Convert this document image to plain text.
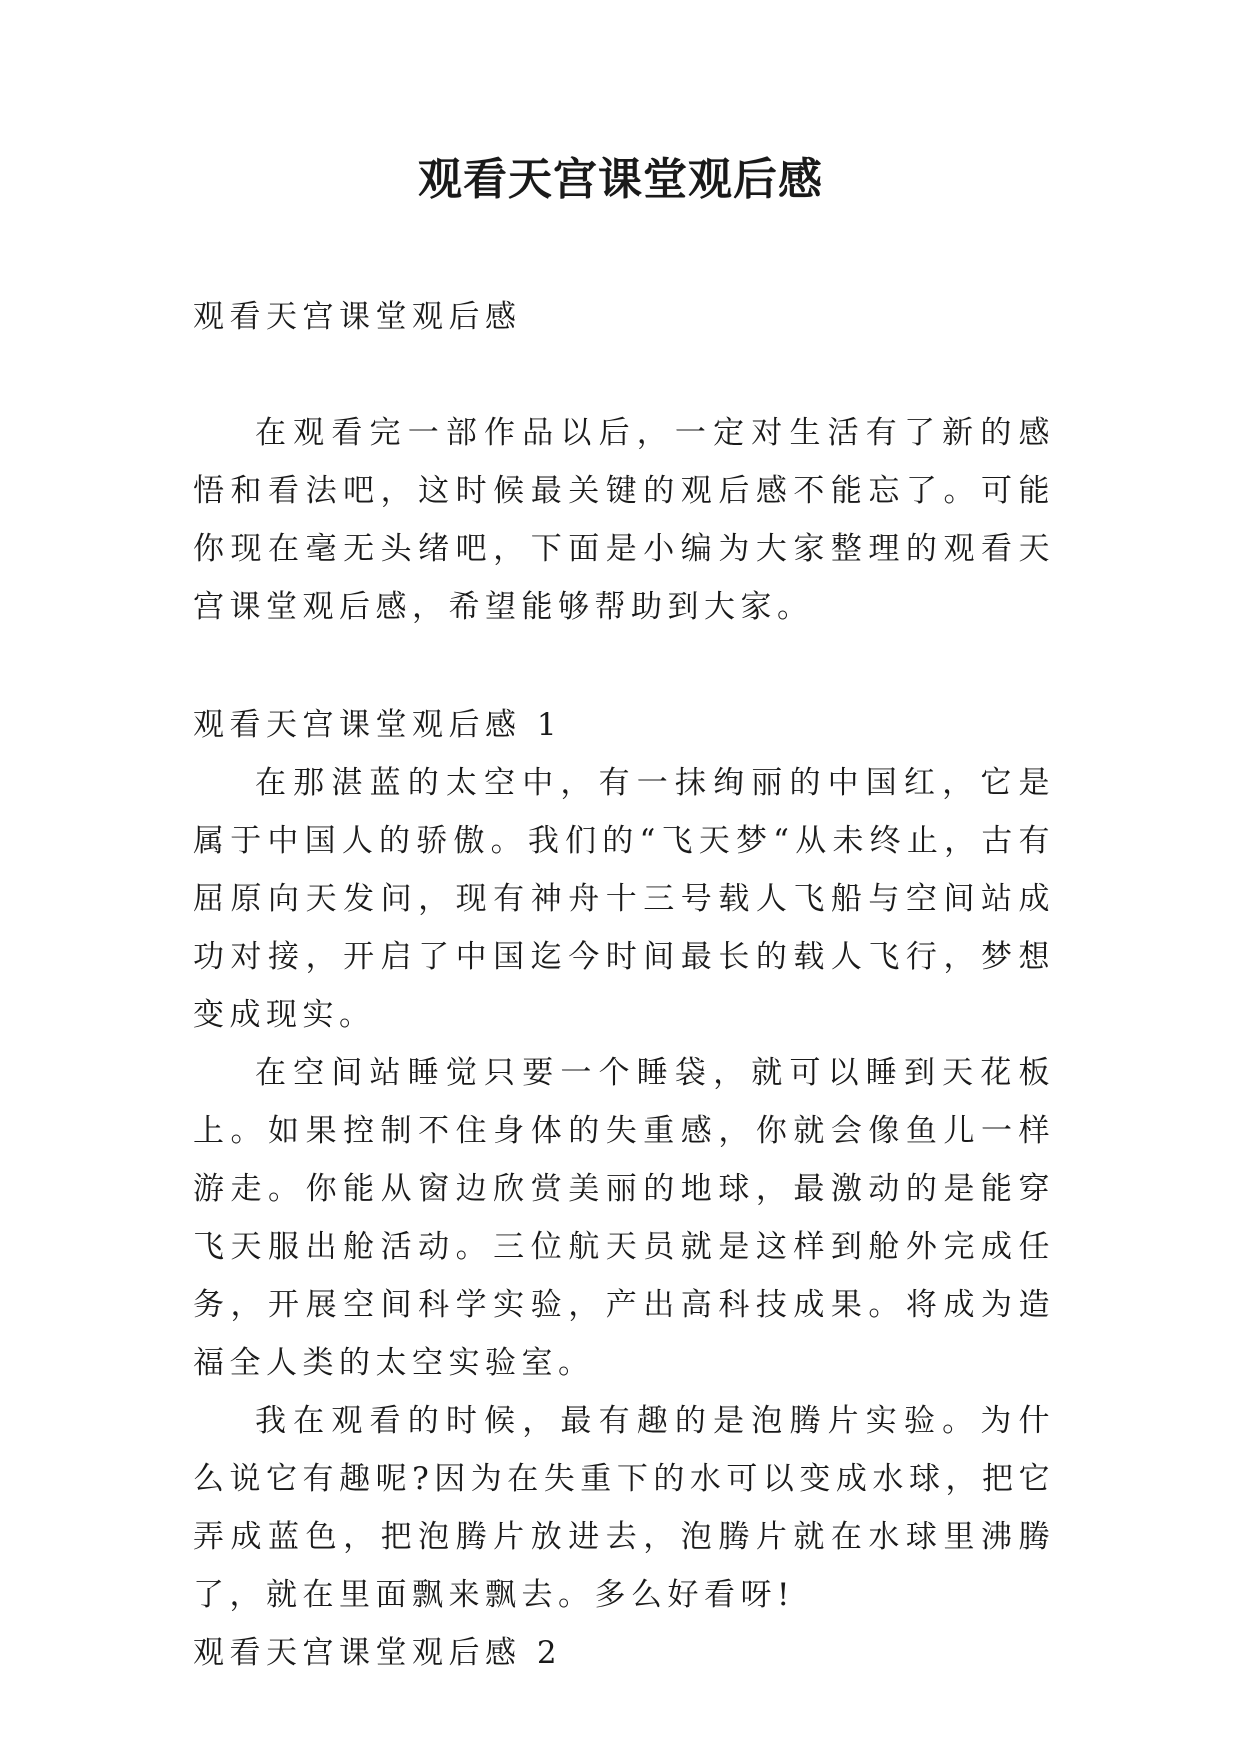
观看天宫课堂观后感

观看天宫课堂观后感

在观看完一部作品以后，一定对生活有了新的感悟和看法吧，这时候最关键的观后感不能忘了。可能你现在毫无头绪吧，下面是小编为大家整理的观看天宫课堂观后感，希望能够帮助到大家。

观看天宫课堂观后感 1

在那湛蓝的太空中，有一抹绚丽的中国红，它是属于中国人的骄傲。我们的“飞天梦“从未终止，古有屈原向天发问，现有神舟十三号载人飞船与空间站成功对接，开启了中国迄今时间最长的载人飞行，梦想变成现实。

在空间站睡觉只要一个睡袋，就可以睡到天花板上。如果控制不住身体的失重感，你就会像鱼儿一样游走。你能从窗边欣赏美丽的地球，最激动的是能穿飞天服出舱活动。三位航天员就是这样到舱外完成任务，开展空间科学实验，产出高科技成果。将成为造福全人类的太空实验室。

我在观看的时候，最有趣的是泡腾片实验。为什么说它有趣呢?因为在失重下的水可以变成水球，把它弄成蓝色，把泡腾片放进去，泡腾片就在水球里沸腾了，就在里面飘来飘去。多么好看呀!

观看天宫课堂观后感 2
